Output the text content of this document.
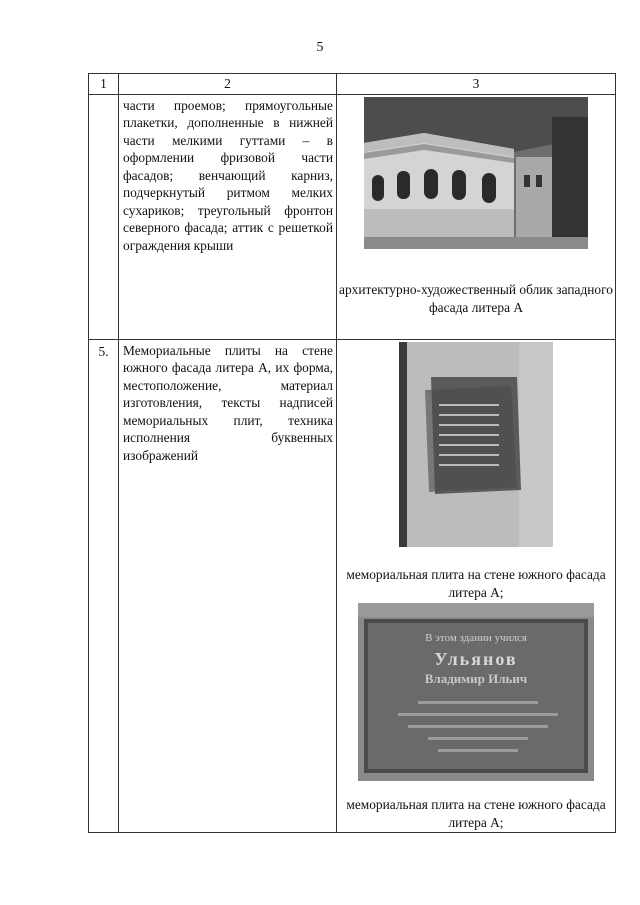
5
1	2	3

	части проемов; прямоугольные плакетки, дополненные в нижней части мелкими гуттами – в оформлении фризовой части фасадов; венчающий карниз, подчеркнутый ритмом мелких сухариков; треугольный фронтон северного фасада; аттик с решеткой ограждения крыши	архитектурно-художественный облик западного фасада литера А

5.	Мемориальные плиты на стене южного фасада литера А, их форма, местоположение, материал изготовления, тексты надписей мемориальных плит, техника исполнения буквенных изображений	мемориальная плита на стене южного фасада литера А;
В этом здании учился
Ульянов
Владимир Ильич
мемориальная плита на стене южного фасада литера А;
